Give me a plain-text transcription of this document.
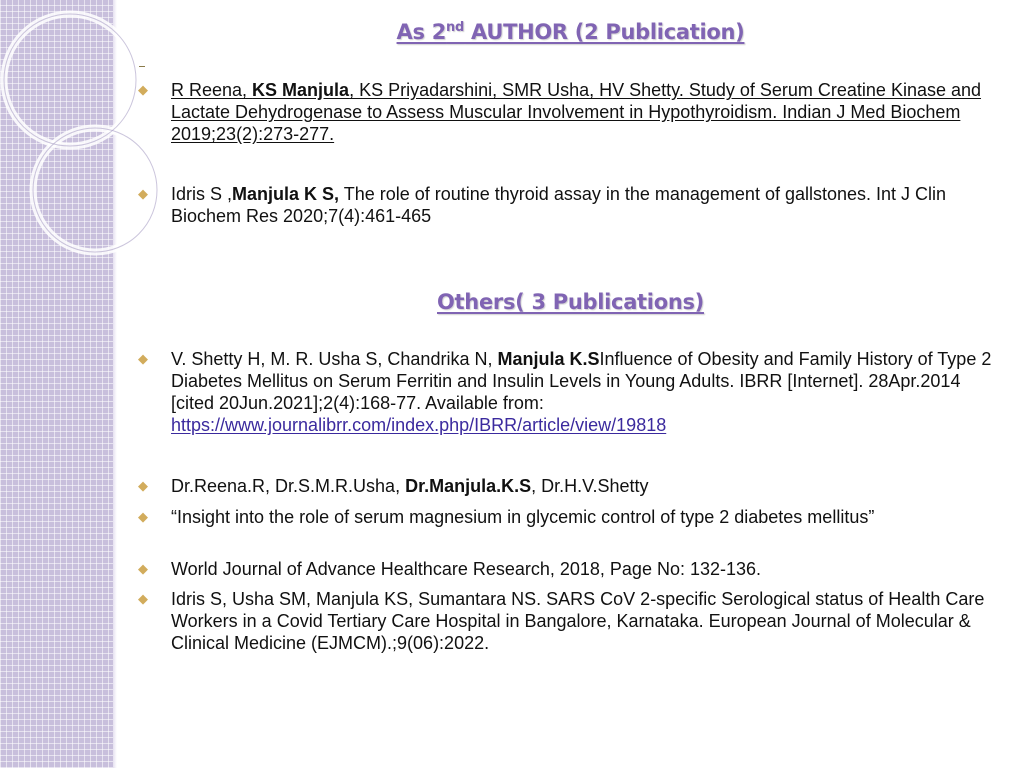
As 2nd AUTHOR (2 Publication)
◆ R Reena, KS Manjula, KS Priyadarshini, SMR Usha, HV Shetty. Study of Serum Creatine Kinase and Lactate Dehydrogenase to Assess Muscular Involvement in Hypothyroidism. Indian J Med Biochem 2019;23(2):273-277.
◆ Idris S ,Manjula K S, The role of routine thyroid assay in the management of gallstones. Int J Clin Biochem Res 2020;7(4):461-465
Others( 3 Publications)
◆ V. Shetty H, M. R. Usha S, Chandrika N, Manjula K.SInfluence of Obesity and Family History of Type 2 Diabetes Mellitus on Serum Ferritin and Insulin Levels in Young Adults. IBRR [Internet]. 28Apr.2014 [cited 20Jun.2021];2(4):168-77. Available from: https://www.journalibrr.com/index.php/IBRR/article/view/19818
◆ Dr.Reena.R, Dr.S.M.R.Usha, Dr.Manjula.K.S, Dr.H.V.Shetty
◆ “Insight into the role of serum magnesium in glycemic control of type 2 diabetes mellitus”
◆ World Journal of Advance Healthcare Research, 2018, Page No: 132-136.
◆ Idris S, Usha SM, Manjula KS, Sumantara NS. SARS CoV 2-specific Serological status of Health Care Workers in a Covid Tertiary Care Hospital in Bangalore, Karnataka. European Journal of Molecular & Clinical Medicine (EJMCM).;9(06):2022.
